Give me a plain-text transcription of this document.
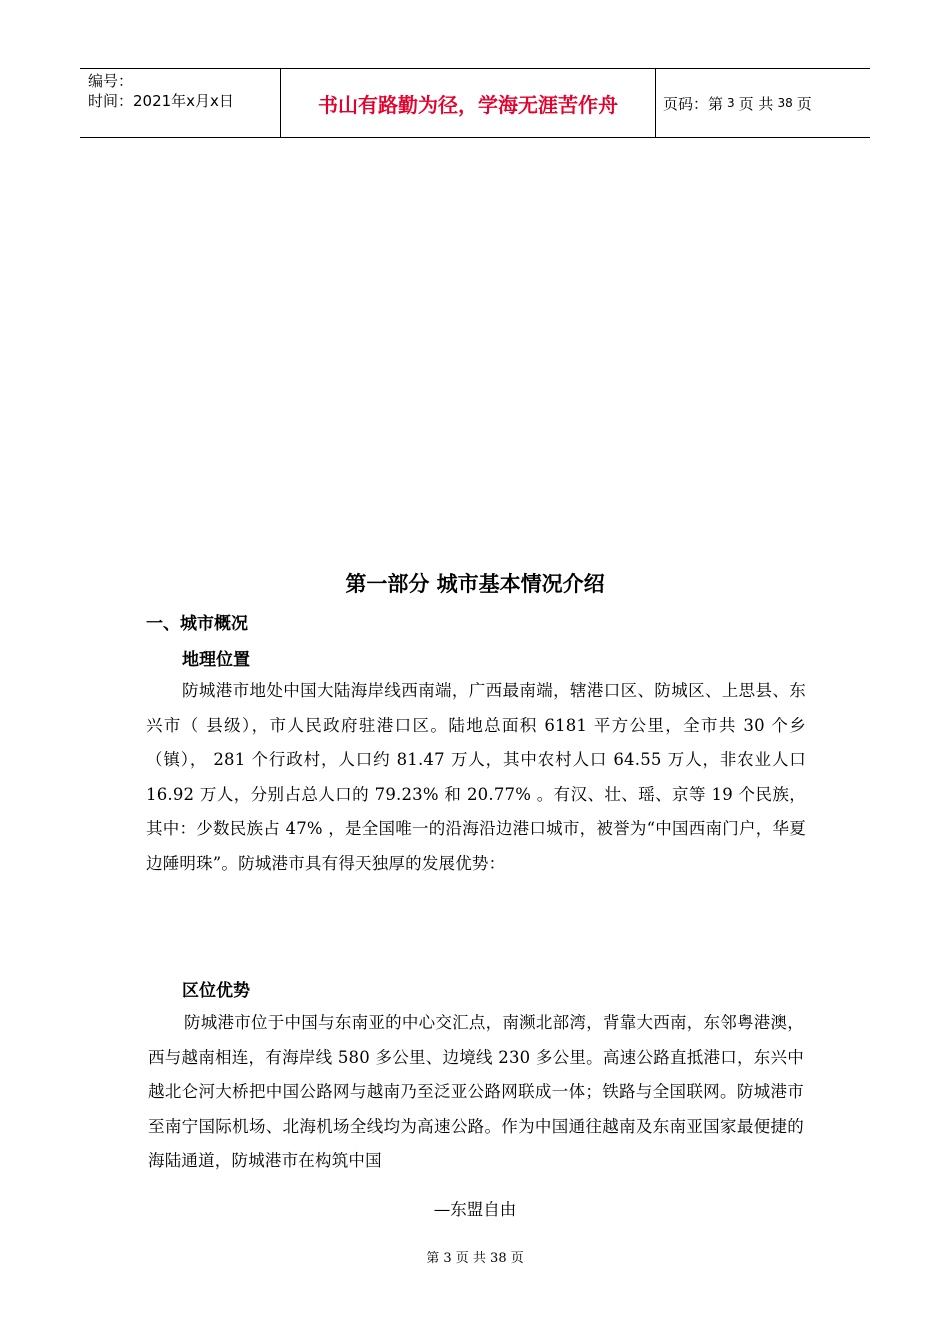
编号：
时间：2021年x月x日	书山有路勤为径，学海无涯苦作舟	页码：第 3 页 共 38 页
第一部分 城市基本情况介绍
一、城市概况
地理位置

防城港市地处中国大陆海岸线西南端，广西最南端，辖港口区、防城区、上思县、东兴市（ 县级），市人民政府驻港口区。陆地总面积 6181 平方公里，全市共 30 个乡（镇）， 281 个行政村，人口约 81.47 万人，其中农村人口 64.55 万人，非农业人口 16.92 万人，分别占总人口的 79.23% 和 20.77% 。有汉、壮、瑶、京等 19 个民族，其中：少数民族占 47% ，是全国唯一的沿海沿边港口城市，被誉为“中国西南门户，华夏边陲明珠”。防城港市具有得天独厚的发展优势：

区位优势

防城港市位于中国与东南亚的中心交汇点，南濒北部湾，背靠大西南，东邻粤港澳，西与越南相连，有海岸线 580 多公里、边境线 230 多公里。高速公路直抵港口，东兴中越北仑河大桥把中国公路网与越南乃至泛亚公路网联成一体；铁路与全国联网。防城港市至南宁国际机场、北海机场全线均为高速公路。作为中国通往越南及东南亚国家最便捷的海陆通道，防城港市在构筑中国

—东盟自由
第 3 页 共 38 页
